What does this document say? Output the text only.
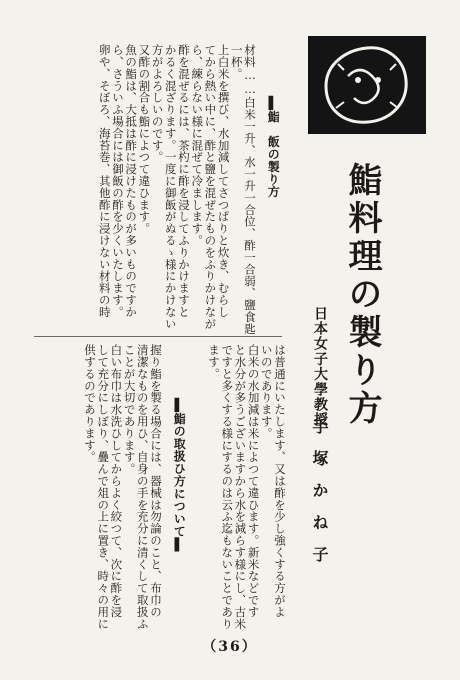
鮨料理の製り方
日本女子大學教授
手塚かね子
▌鮨　飯の製り方

材料……白米一升、水一升一合位、酢一合弱、鹽食匙

一杯。

上白米を撰び、水加減してさつぱりと炊き、むらし

てから熱い中に、酢と鹽を混ぜたものをふりかけなが

ら、練らない様に混ぜて冷まします。

酢を混ぜるには、茶杓に酢を浸してふりかけますと

かるく混ざります。一度に御飯がぬるゝ様にかけない

方がよろしいのです。

又酢の割合も鮨によつて違ひます。

魚の鮨は、大抵は酢に浸けたものが多いものですか

ら、さういふ場合には御飯の酢を少くいたします。

卵や、そぼろ、海苔巻、其他酢に浸けない材料の時

は普通にいたします、又は酢を少し強くする方がよ

いのであります。

白米の水加減は米によつて違ひます。新米などです

と水分が多うございますから水を減らす様にし、古米

ですと多くする様にするのは云ふ迄もないことであり

ます。

▌鮨の取扱ひ方について▌

握り鮨を製る場合には、器械は勿論のこと、布巾の

清潔なものを用ひ、自身の手を充分に清くして取扱ふ

ことが大切であります。

白い布巾は水洗ひしてからよく絞つて、次に酢を浸

して充分にしぼり、疊んで俎の上に置き、時々の用に

供するのであります。

（36）
